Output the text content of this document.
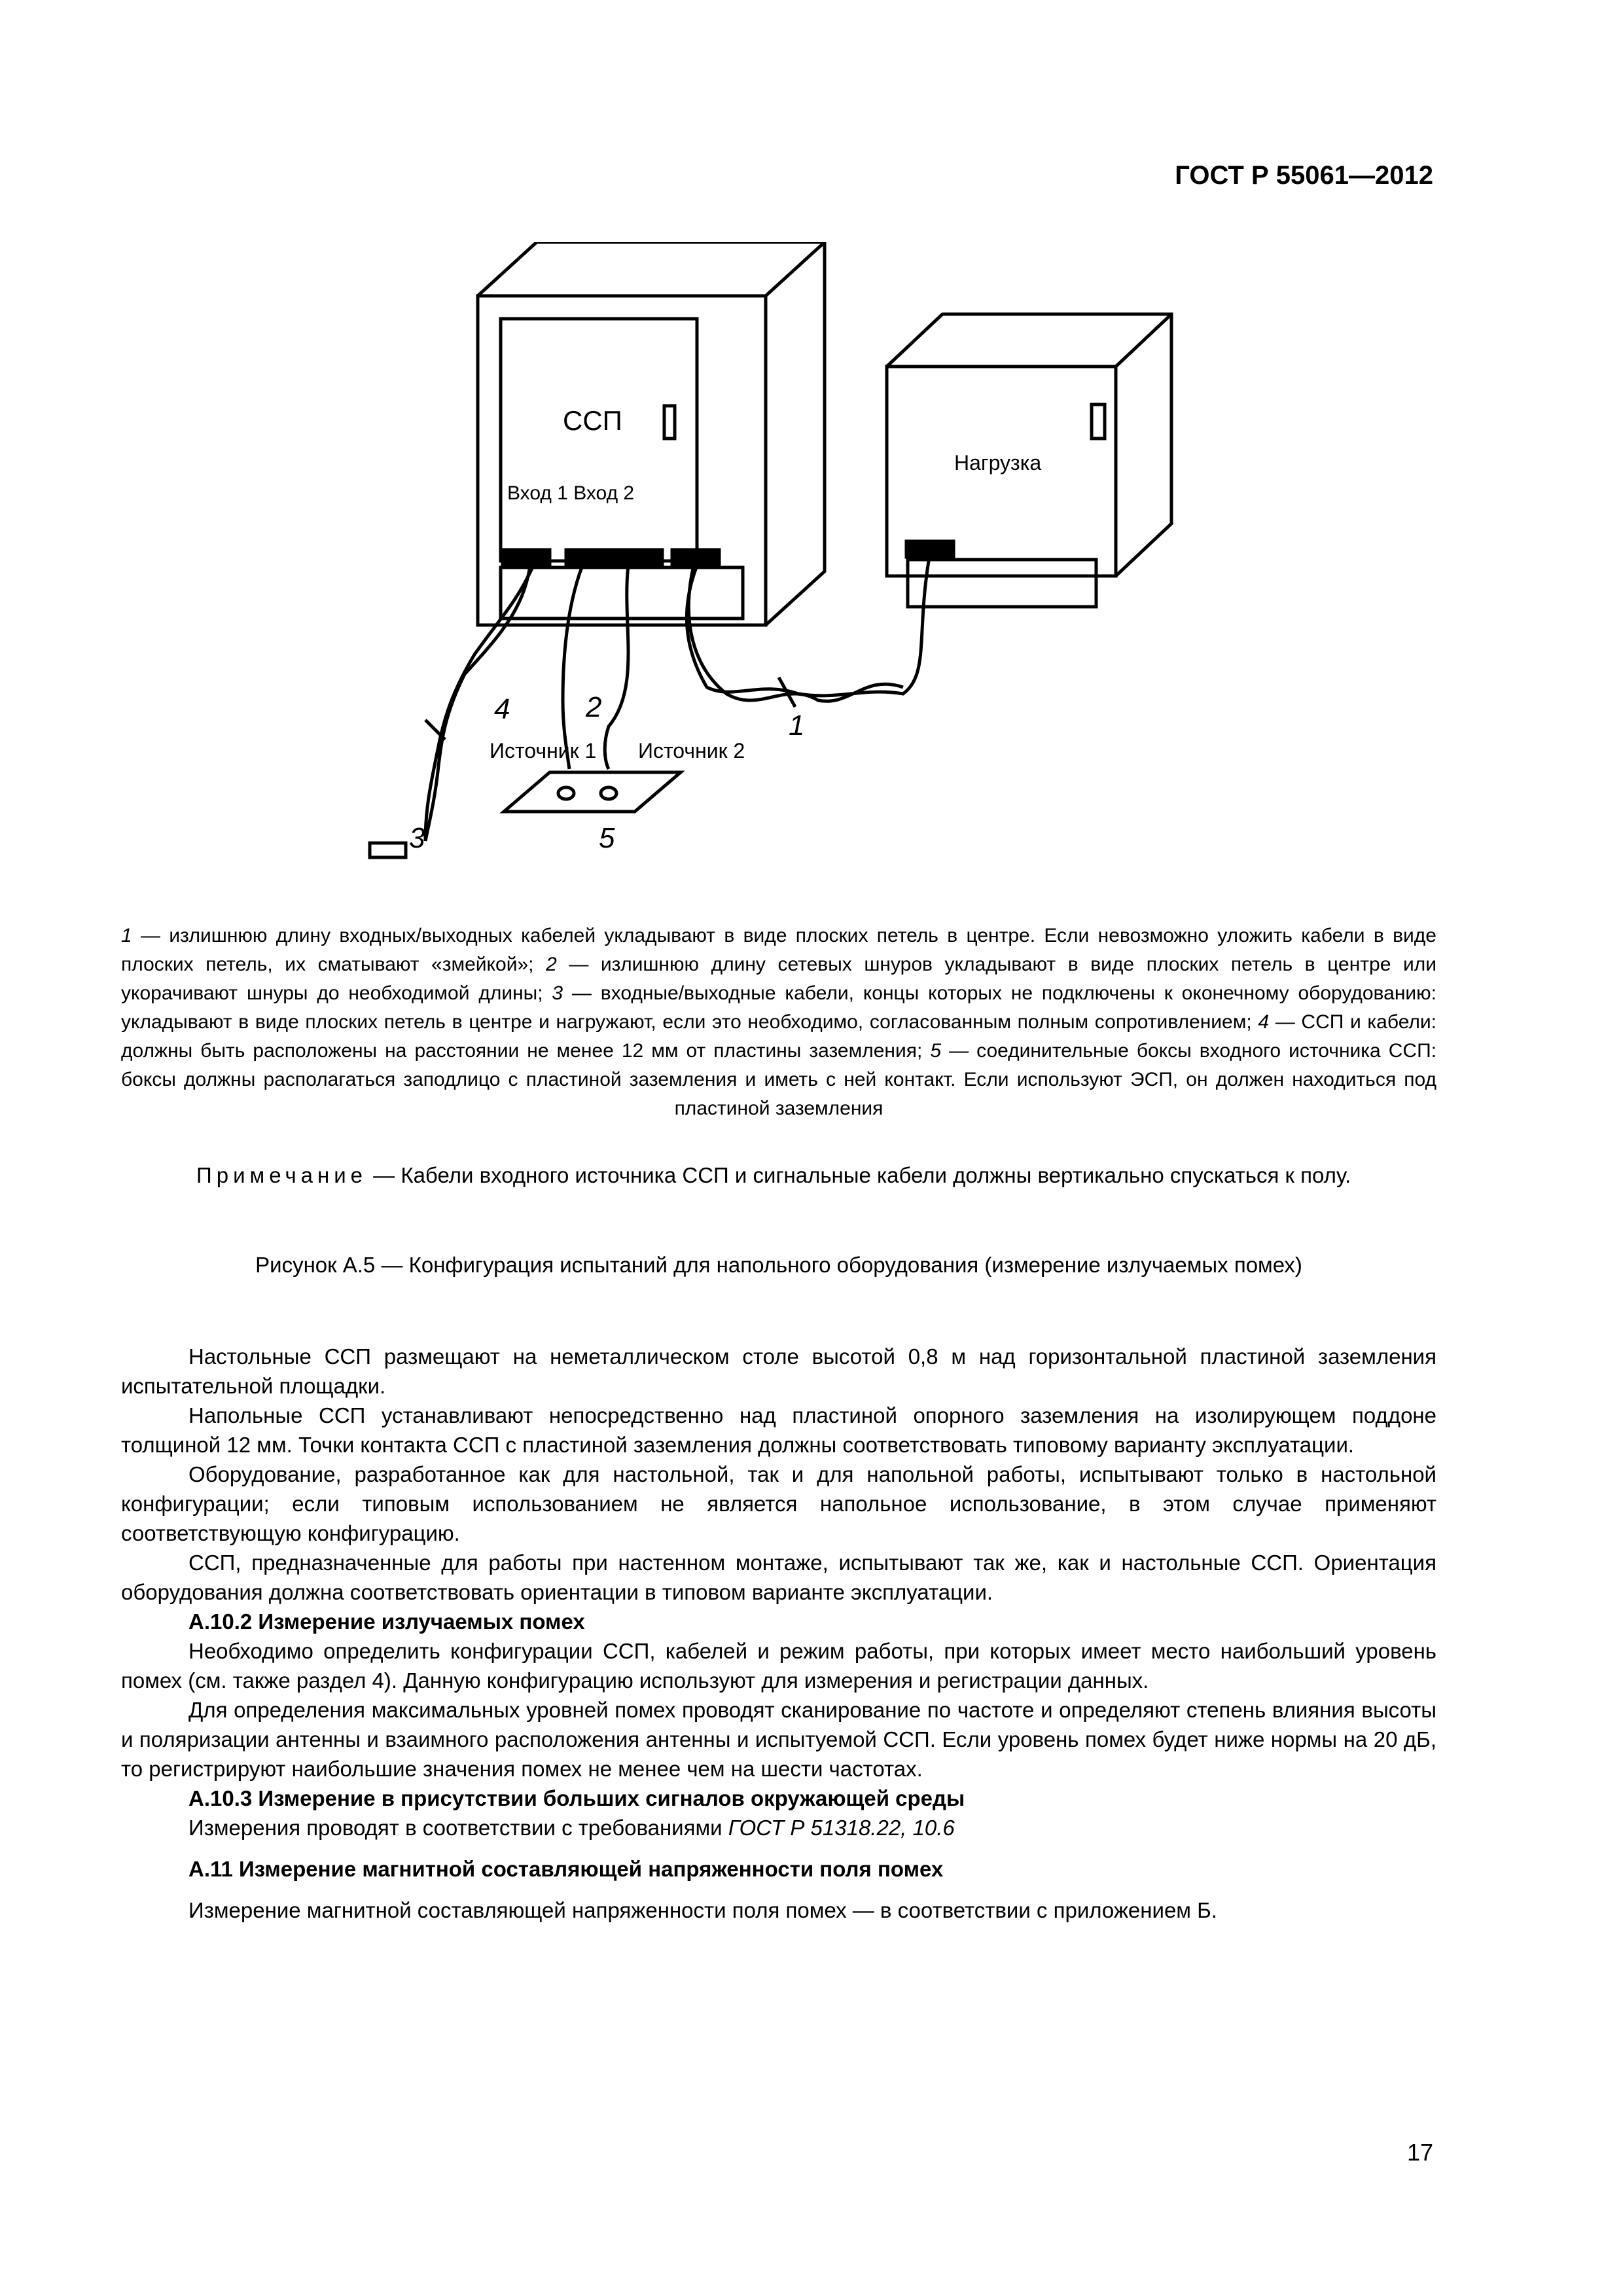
ГОСТ Р 55061—2012
ССП
Вход 1 Вход 2
Нагрузка
Источник 1 Источник 2
4	2
1
3	5
1 — излишнюю длину входных/выходных кабелей укладывают в виде плоских петель в центре. Если невозможно уложить кабели в виде плоских петель, их сматывают «змейкой»; 2 — излишнюю длину сетевых шнуров укладывают в виде плоских петель в центре или укорачивают шнуры до необходимой длины; 3 — входные/выходные кабели, концы которых не подключены к оконечному оборудованию: укладывают в виде плоских петель в центре и нагружают, если это необходимо, согласованным полным сопротивлением; 4 — ССП и кабели: должны быть расположены на расстоянии не менее 12 мм от пластины заземления; 5 — соединительные боксы входного источника ССП: боксы должны располагаться заподлицо с пластиной заземления и иметь с ней контакт. Если используют ЭСП, он должен находиться под пластиной заземления
Примечание — Кабели входного источника ССП и сигнальные кабели должны вертикально спускаться к полу.
Рисунок А.5 — Конфигурация испытаний для напольного оборудования (измерение излучаемых помех)

Настольные ССП размещают на неметаллическом столе высотой 0,8 м над горизонтальной пластиной заземления испытательной площадки.

Напольные ССП устанавливают непосредственно над пластиной опорного заземления на изолирующем поддоне толщиной 12 мм. Точки контакта ССП с пластиной заземления должны соответствовать типовому варианту эксплуатации.

Оборудование, разработанное как для настольной, так и для напольной работы, испытывают только в настольной конфигурации; если типовым использованием не является напольное использование, в этом случае применяют соответствующую конфигурацию.

ССП, предназначенные для работы при настенном монтаже, испытывают так же, как и настольные ССП. Ориентация оборудования должна соответствовать ориентации в типовом варианте эксплуатации.

А.10.2 Измерение излучаемых помех

Необходимо определить конфигурации ССП, кабелей и режим работы, при которых имеет место наибольший уровень помех (см. также раздел 4). Данную конфигурацию используют для измерения и регистрации данных.

Для определения максимальных уровней помех проводят сканирование по частоте и определяют степень влияния высоты и поляризации антенны и взаимного расположения антенны и испытуемой ССП. Если уровень помех будет ниже нормы на 20 дБ, то регистрируют наибольшие значения помех не менее чем на шести частотах.

А.10.3 Измерение в присутствии больших сигналов окружающей среды

Измерения проводят в соответствии с требованиями ГОСТ Р 51318.22, 10.6

А.11 Измерение магнитной составляющей напряженности поля помех

Измерение магнитной составляющей напряженности поля помех — в соответствии с приложением Б.

17
